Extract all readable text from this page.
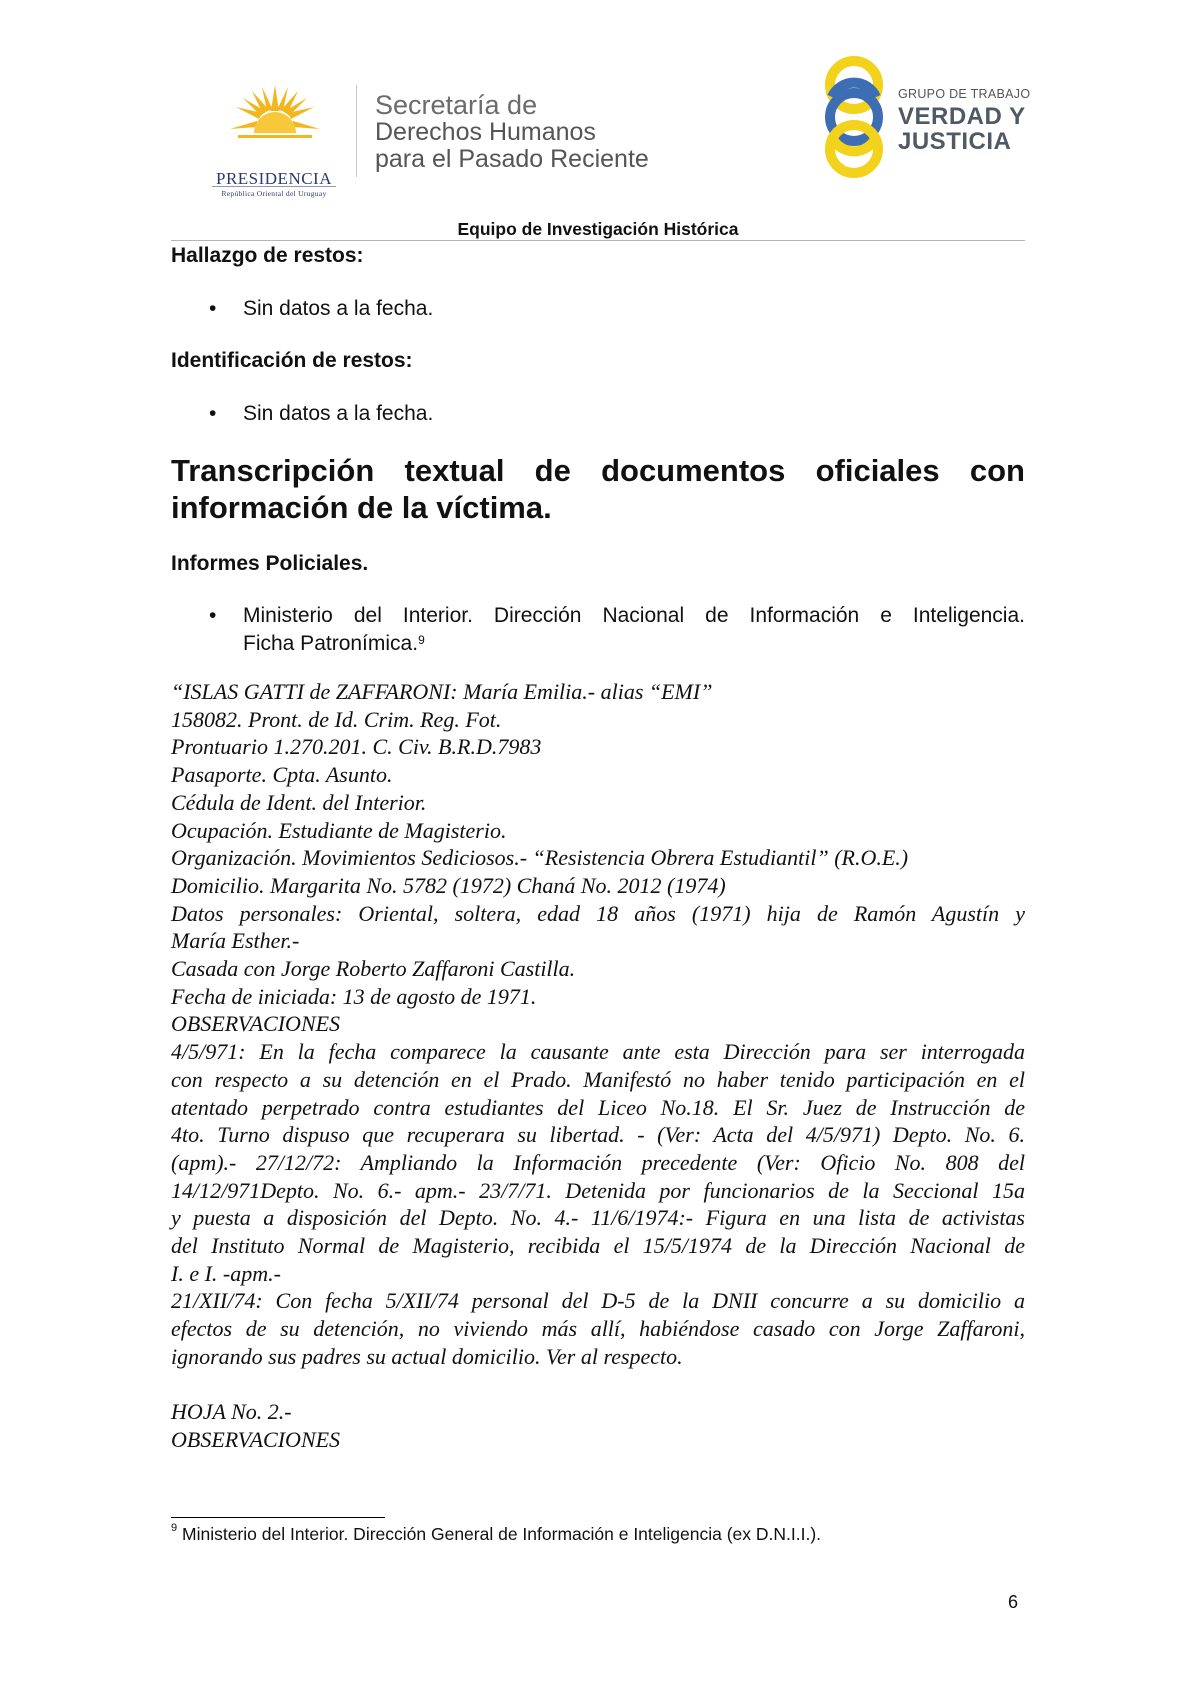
PRESIDENCIA
República Oriental del Uruguay
Secretaría de
Derechos Humanos
para el Pasado Reciente
GRUPO DE TRABAJO
VERDAD Y
JUSTICIA
Equipo de Investigación Histórica
Hallazgo de restos:
• Sin datos a la fecha.
Identificación de restos:
• Sin datos a la fecha.
Transcripción textual de documentos oficiales con
información de la víctima.
Informes Policiales.
• Ministerio del Interior. Dirección Nacional de Información e Inteligencia.
Ficha Patronímica.$^9$
“ISLAS GATTI de ZAFFARONI: María Emilia.- alias “EMI”
158082. Pront. de Id. Crim. Reg. Fot.
Prontuario 1.270.201. C. Civ. B.R.D.7983
Pasaporte. Cpta. Asunto.
Cédula de Ident. del Interior.
Ocupación. Estudiante de Magisterio.
Organización. Movimientos Sediciosos.- “Resistencia Obrera Estudiantil” (R.O.E.)
Domicilio. Margarita No. 5782 (1972) Chaná No. 2012 (1974)
Datos personales: Oriental, soltera, edad 18 años (1971) hija de Ramón Agustín y
María Esther.-
Casada con Jorge Roberto Zaffaroni Castilla.
Fecha de iniciada: 13 de agosto de 1971.
OBSERVACIONES
4/5/971: En la fecha comparece la causante ante esta Dirección para ser interrogada
con respecto a su detención en el Prado. Manifestó no haber tenido participación en el
atentado perpetrado contra estudiantes del Liceo No.18. El Sr. Juez de Instrucción de
4to. Turno dispuso que recuperara su libertad. - (Ver: Acta del 4/5/971) Depto. No. 6.
(apm).- 27/12/72: Ampliando la Información precedente (Ver: Oficio No. 808 del
14/12/971Depto. No. 6.- apm.- 23/7/71. Detenida por funcionarios de la Seccional 15a
y puesta a disposición del Depto. No. 4.- 11/6/1974:- Figura en una lista de activistas
del Instituto Normal de Magisterio, recibida el 15/5/1974 de la Dirección Nacional de
I. e I. -apm.-
21/XII/74: Con fecha 5/XII/74 personal del D-5 de la DNII concurre a su domicilio a
efectos de su detención, no viviendo más allí, habiéndose casado con Jorge Zaffaroni,
ignorando sus padres su actual domicilio. Ver al respecto.
HOJA No. 2.-
OBSERVACIONES
$^9$ Ministerio del Interior. Dirección General de Información e Inteligencia (ex D.N.I.I.).
6
